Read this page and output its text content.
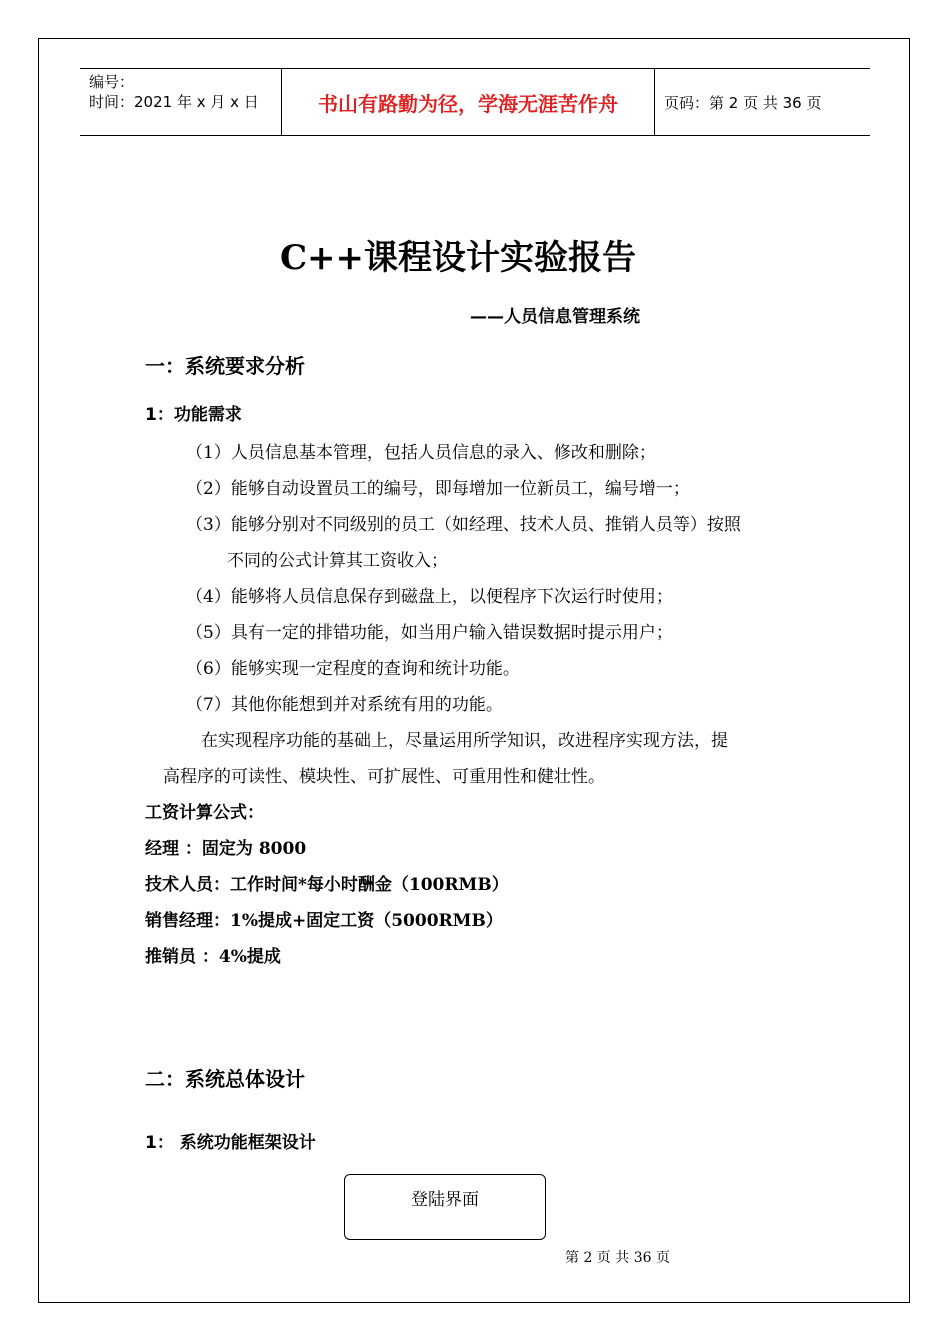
编号：
时间：2021 年 x 月 x 日	书山有路勤为径，学海无涯苦作舟	页码：第 2 页 共 36 页
C++课程设计实验报告
——人员信息管理系统
一：系统要求分析
1：功能需求
（1）人员信息基本管理，包括人员信息的录入、修改和删除；
（2）能够自动设置员工的编号，即每增加一位新员工，编号增一；
（3）能够分别对不同级别的员工（如经理、技术人员、推销人员等）按照
不同的公式计算其工资收入；
（4）能够将人员信息保存到磁盘上，以便程序下次运行时使用；
（5）具有一定的排错功能，如当用户输入错误数据时提示用户；
（6）能够实现一定程度的查询和统计功能。
（7）其他你能想到并对系统有用的功能。
在实现程序功能的基础上，尽量运用所学知识，改进程序实现方法，提
高程序的可读性、模块性、可扩展性、可重用性和健壮性。
工资计算公式：
经理 ：固定为 8000
技术人员：工作时间*每小时酬金（100RMB）
销售经理：1%提成+固定工资（5000RMB）
推销员 ：4%提成
二：系统总体设计
1： 系统功能框架设计
登陆界面
第 2 页 共 36 页
